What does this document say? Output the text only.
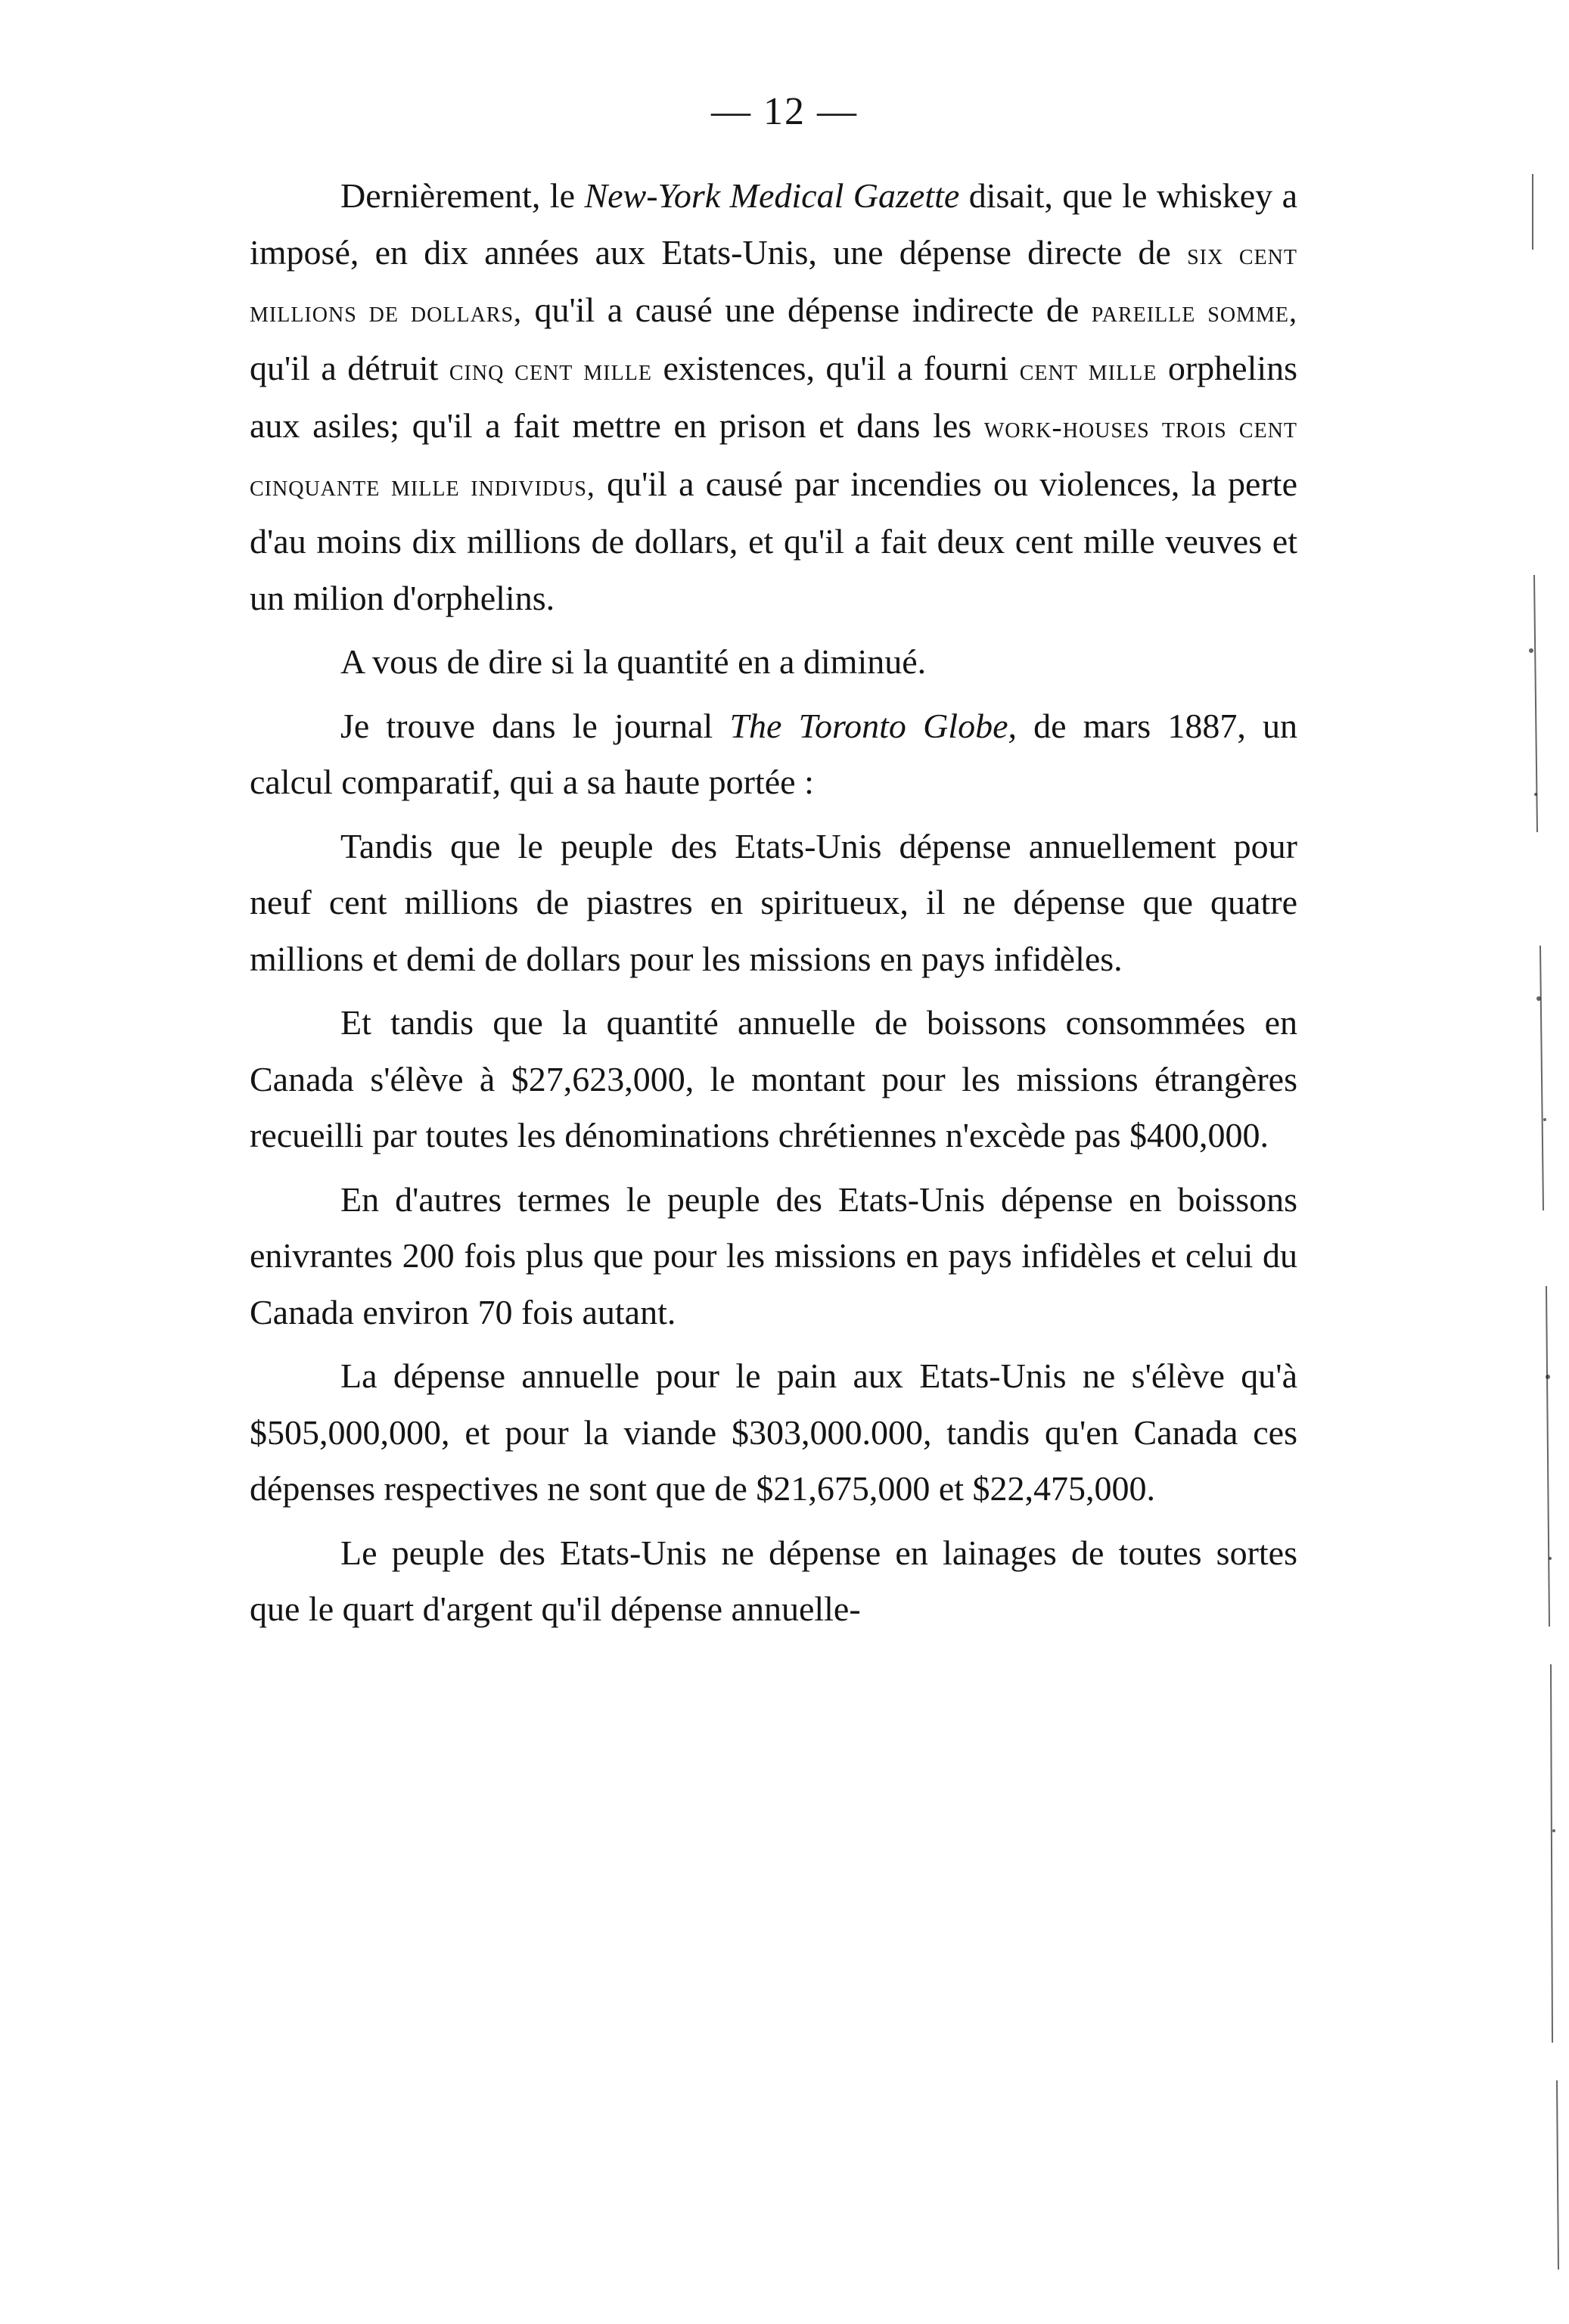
— 12 —

Dernièrement, le New-York Medical Gazette disait, que le whiskey a imposé, en dix années aux Etats-Unis, une dépense directe de six cent millions de dollars, qu'il a causé une dépense indirecte de pareille somme, qu'il a détruit cinq cent mille existences, qu'il a fourni cent mille orphelins aux asiles; qu'il a fait mettre en prison et dans les work-houses trois cent cinquante mille individus, qu'il a causé par incendies ou violences, la perte d'au moins dix millions de dollars, et qu'il a fait deux cent mille veuves et un milion d'orphelins.

A vous de dire si la quantité en a diminué.

Je trouve dans le journal The Toronto Globe, de mars 1887, un calcul comparatif, qui a sa haute portée :

Tandis que le peuple des Etats-Unis dépense annuellement pour neuf cent millions de piastres en spiritueux, il ne dépense que quatre millions et demi de dollars pour les missions en pays infidèles.

Et tandis que la quantité annuelle de boissons consommées en Canada s'élève à $27,623,000, le montant pour les missions étrangères recueilli par toutes les dénominations chrétiennes n'excède pas $400,000.

En d'autres termes le peuple des Etats-Unis dépense en boissons enivrantes 200 fois plus que pour les missions en pays infidèles et celui du Canada environ 70 fois autant.

La dépense annuelle pour le pain aux Etats-Unis ne s'élève qu'à $505,000,000, et pour la viande $303,000.000, tandis qu'en Canada ces dépenses respectives ne sont que de $21,675,000 et $22,475,000.

Le peuple des Etats-Unis ne dépense en lainages de toutes sortes que le quart d'argent qu'il dépense annuelle-
